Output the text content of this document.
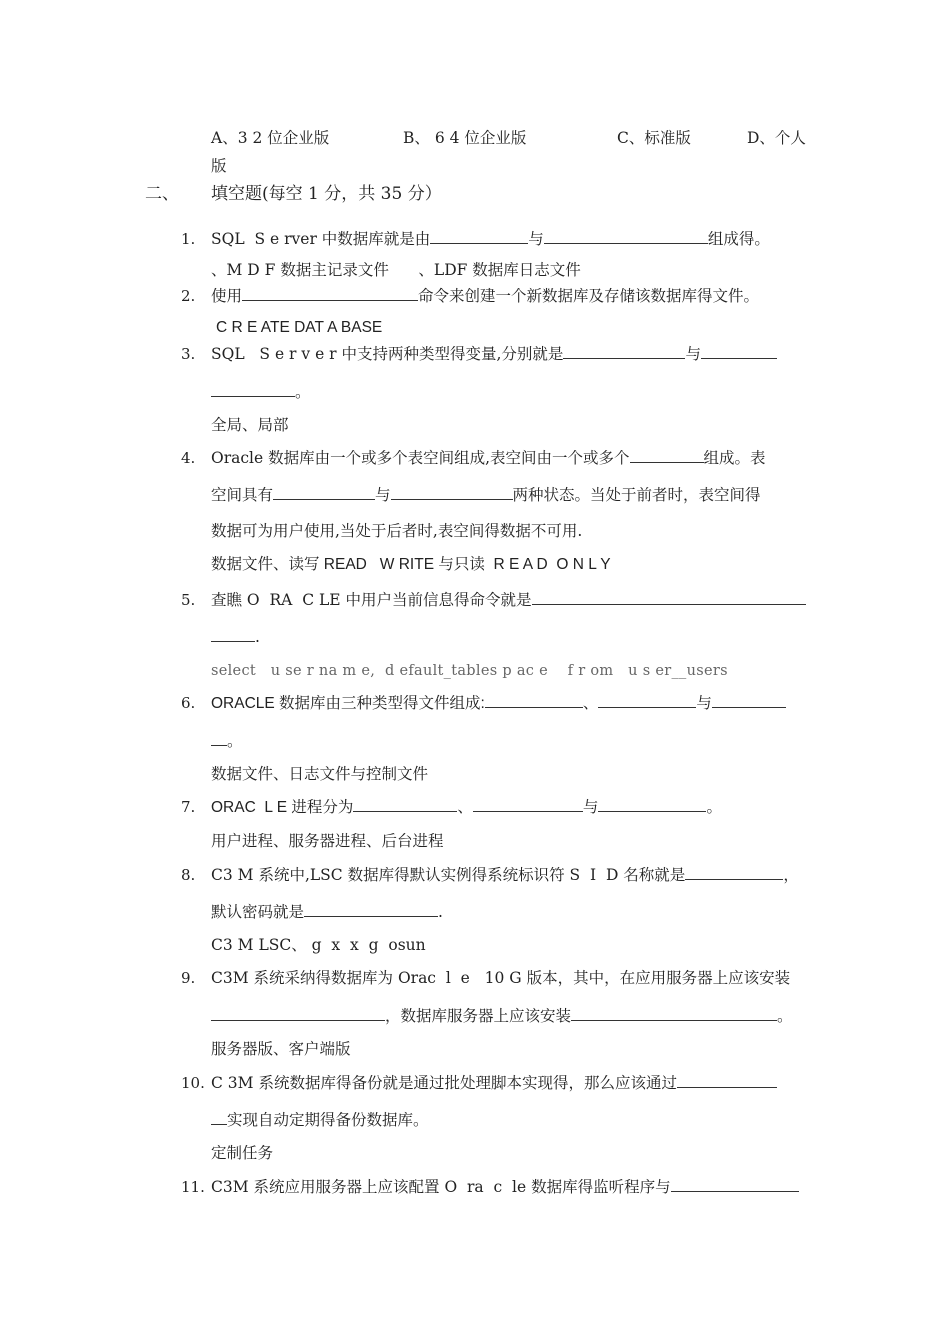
A、3 2 位企业版	B、 6 4 位企业版	C、标准版	D、个人
版
二、 填空题(每空 1 分，共 35 分）
1. SQL  S e rver 中数据库就是由	与	组成得。
、M D F 数据主记录文件      、LDF 数据库日志文件
2. 使用	命令来创建一个新数据库及存储该数据库得文件。
C R E ATE DAT A BASE
3. SQL   S e r v e r 中支持两种类型得变量,分别就是	与
。
全局、局部
4. Oracle 数据库由一个或多个表空间组成,表空间由一个或多个	组成。表
空间具有	与	两种状态。当处于前者时，表空间得
数据可为用户使用,当处于后者时,表空间得数据不可用.
数据文件、读写 READ   W RITE 与只读  R E A D  O N L Y
5. 查瞧 O  RA  C LE 中用户当前信息得命令就是
.
select   u se r na m e,  d efault_tables p ac e    f r om   u s er__users
6. ORACLE 数据库由三种类型得文件组成:	、	与
。
数据文件、日志文件与控制文件
7. ORAC  L E 进程分为	、	与	。
用户进程、服务器进程、后台进程
8. C3 M 系统中,LSC 数据库得默认实例得系统标识符 S  I  D 名称就是	，
默认密码就是	.
C3 M LSC、 g  x  x  g  osun
9. C3M 系统采纳得数据库为 Orac  l  e   10 G 版本，其中，在应用服务器上应该安装
，数据库服务器上应该安装	。
服务器版、客户端版
10. C 3M 系统数据库得备份就是通过批处理脚本实现得，那么应该通过
实现自动定期得备份数据库。
定制任务
11. C3M 系统应用服务器上应该配置 O  ra  c  le 数据库得监听程序与
